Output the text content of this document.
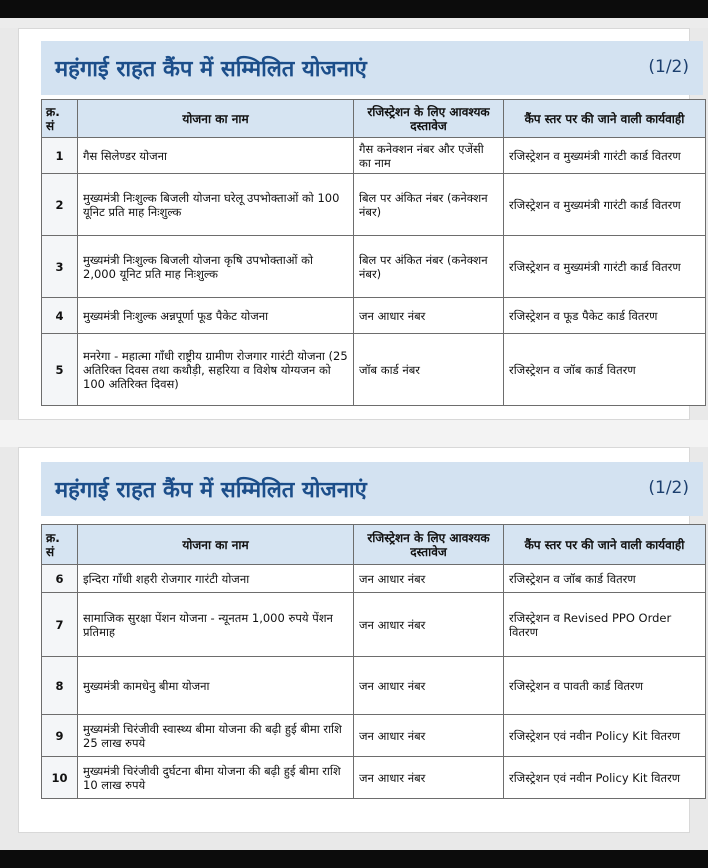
महंगाई राहत कैंप में सम्मिलित योजनाएं	(1/2)
क्र. सं	योजना का नाम	रजिस्ट्रेशन के लिए आवश्यक दस्तावेज	कैंप स्तर पर की जाने वाली कार्यवाही
1	गैस सिलेण्डर योजना	गैस कनेक्शन नंबर और एजेंसी का नाम	रजिस्ट्रेशन व मुख्यमंत्री गारंटी कार्ड वितरण
2	मुख्यमंत्री निःशुल्क बिजली योजना घरेलू उपभोक्ताओं को 100 यूनिट प्रति माह निःशुल्क	बिल पर अंकित नंबर (कनेक्शन नंबर)	रजिस्ट्रेशन व मुख्यमंत्री गारंटी कार्ड वितरण
3	मुख्यमंत्री निःशुल्क बिजली योजना कृषि उपभोक्ताओं को 2,000 यूनिट प्रति माह निःशुल्क	बिल पर अंकित नंबर (कनेक्शन नंबर)	रजिस्ट्रेशन व मुख्यमंत्री गारंटी कार्ड वितरण
4	मुख्यमंत्री निःशुल्क अन्नपूर्णा फूड पैकेट योजना	जन आधार नंबर	रजिस्ट्रेशन व फूड पैकेट कार्ड वितरण
5	मनरेगा - महात्मा गाँधी राष्ट्रीय ग्रामीण रोजगार गारंटी योजना (25 अतिरिक्त दिवस तथा कथौड़ी, सहरिया व विशेष योग्यजन को 100 अतिरिक्त दिवस)	जॉब कार्ड नंबर	रजिस्ट्रेशन व जॉब कार्ड वितरण
महंगाई राहत कैंप में सम्मिलित योजनाएं	(1/2)
क्र. सं	योजना का नाम	रजिस्ट्रेशन के लिए आवश्यक दस्तावेज	कैंप स्तर पर की जाने वाली कार्यवाही
6	इन्दिरा गाँधी शहरी रोजगार गारंटी योजना	जन आधार नंबर	रजिस्ट्रेशन व जॉब कार्ड वितरण
7	सामाजिक सुरक्षा पेंशन योजना - न्यूनतम 1,000 रुपये पेंशन प्रतिमाह	जन आधार नंबर	रजिस्ट्रेशन व Revised PPO Order वितरण
8	मुख्यमंत्री कामधेनु बीमा योजना	जन आधार नंबर	रजिस्ट्रेशन व पावती कार्ड वितरण
9	मुख्यमंत्री चिरंजीवी स्वास्थ्य बीमा योजना की बढ़ी हुई बीमा राशि 25 लाख रुपये	जन आधार नंबर	रजिस्ट्रेशन एवं नवीन Policy Kit वितरण
10	मुख्यमंत्री चिरंजीवी दुर्घटना बीमा योजना की बढ़ी हुई बीमा राशि 10 लाख रुपये	जन आधार नंबर	रजिस्ट्रेशन एवं नवीन Policy Kit वितरण
